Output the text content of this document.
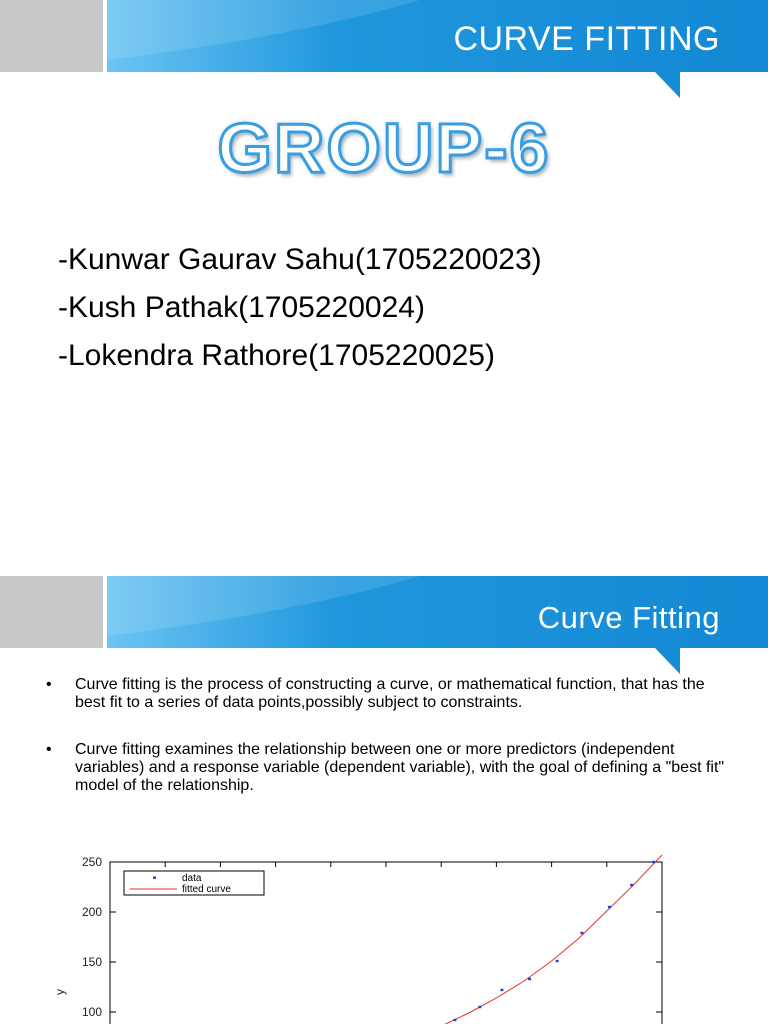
CURVE FITTING
GROUP-6
-Kunwar Gaurav Sahu(1705220023)
-Kush Pathak(1705220024)
-Lokendra Rathore(1705220025)
Curve Fitting
• Curve fitting is the process of constructing a curve, or mathematical function, that has the best fit to a series of data points,possibly subject to constraints.
• Curve fitting examines the relationship between one or more predictors (independent variables) and a response variable (dependent variable), with the goal of defining a "best fit" model of the relationship.
100
150
200
250
y
data
fitted curve
